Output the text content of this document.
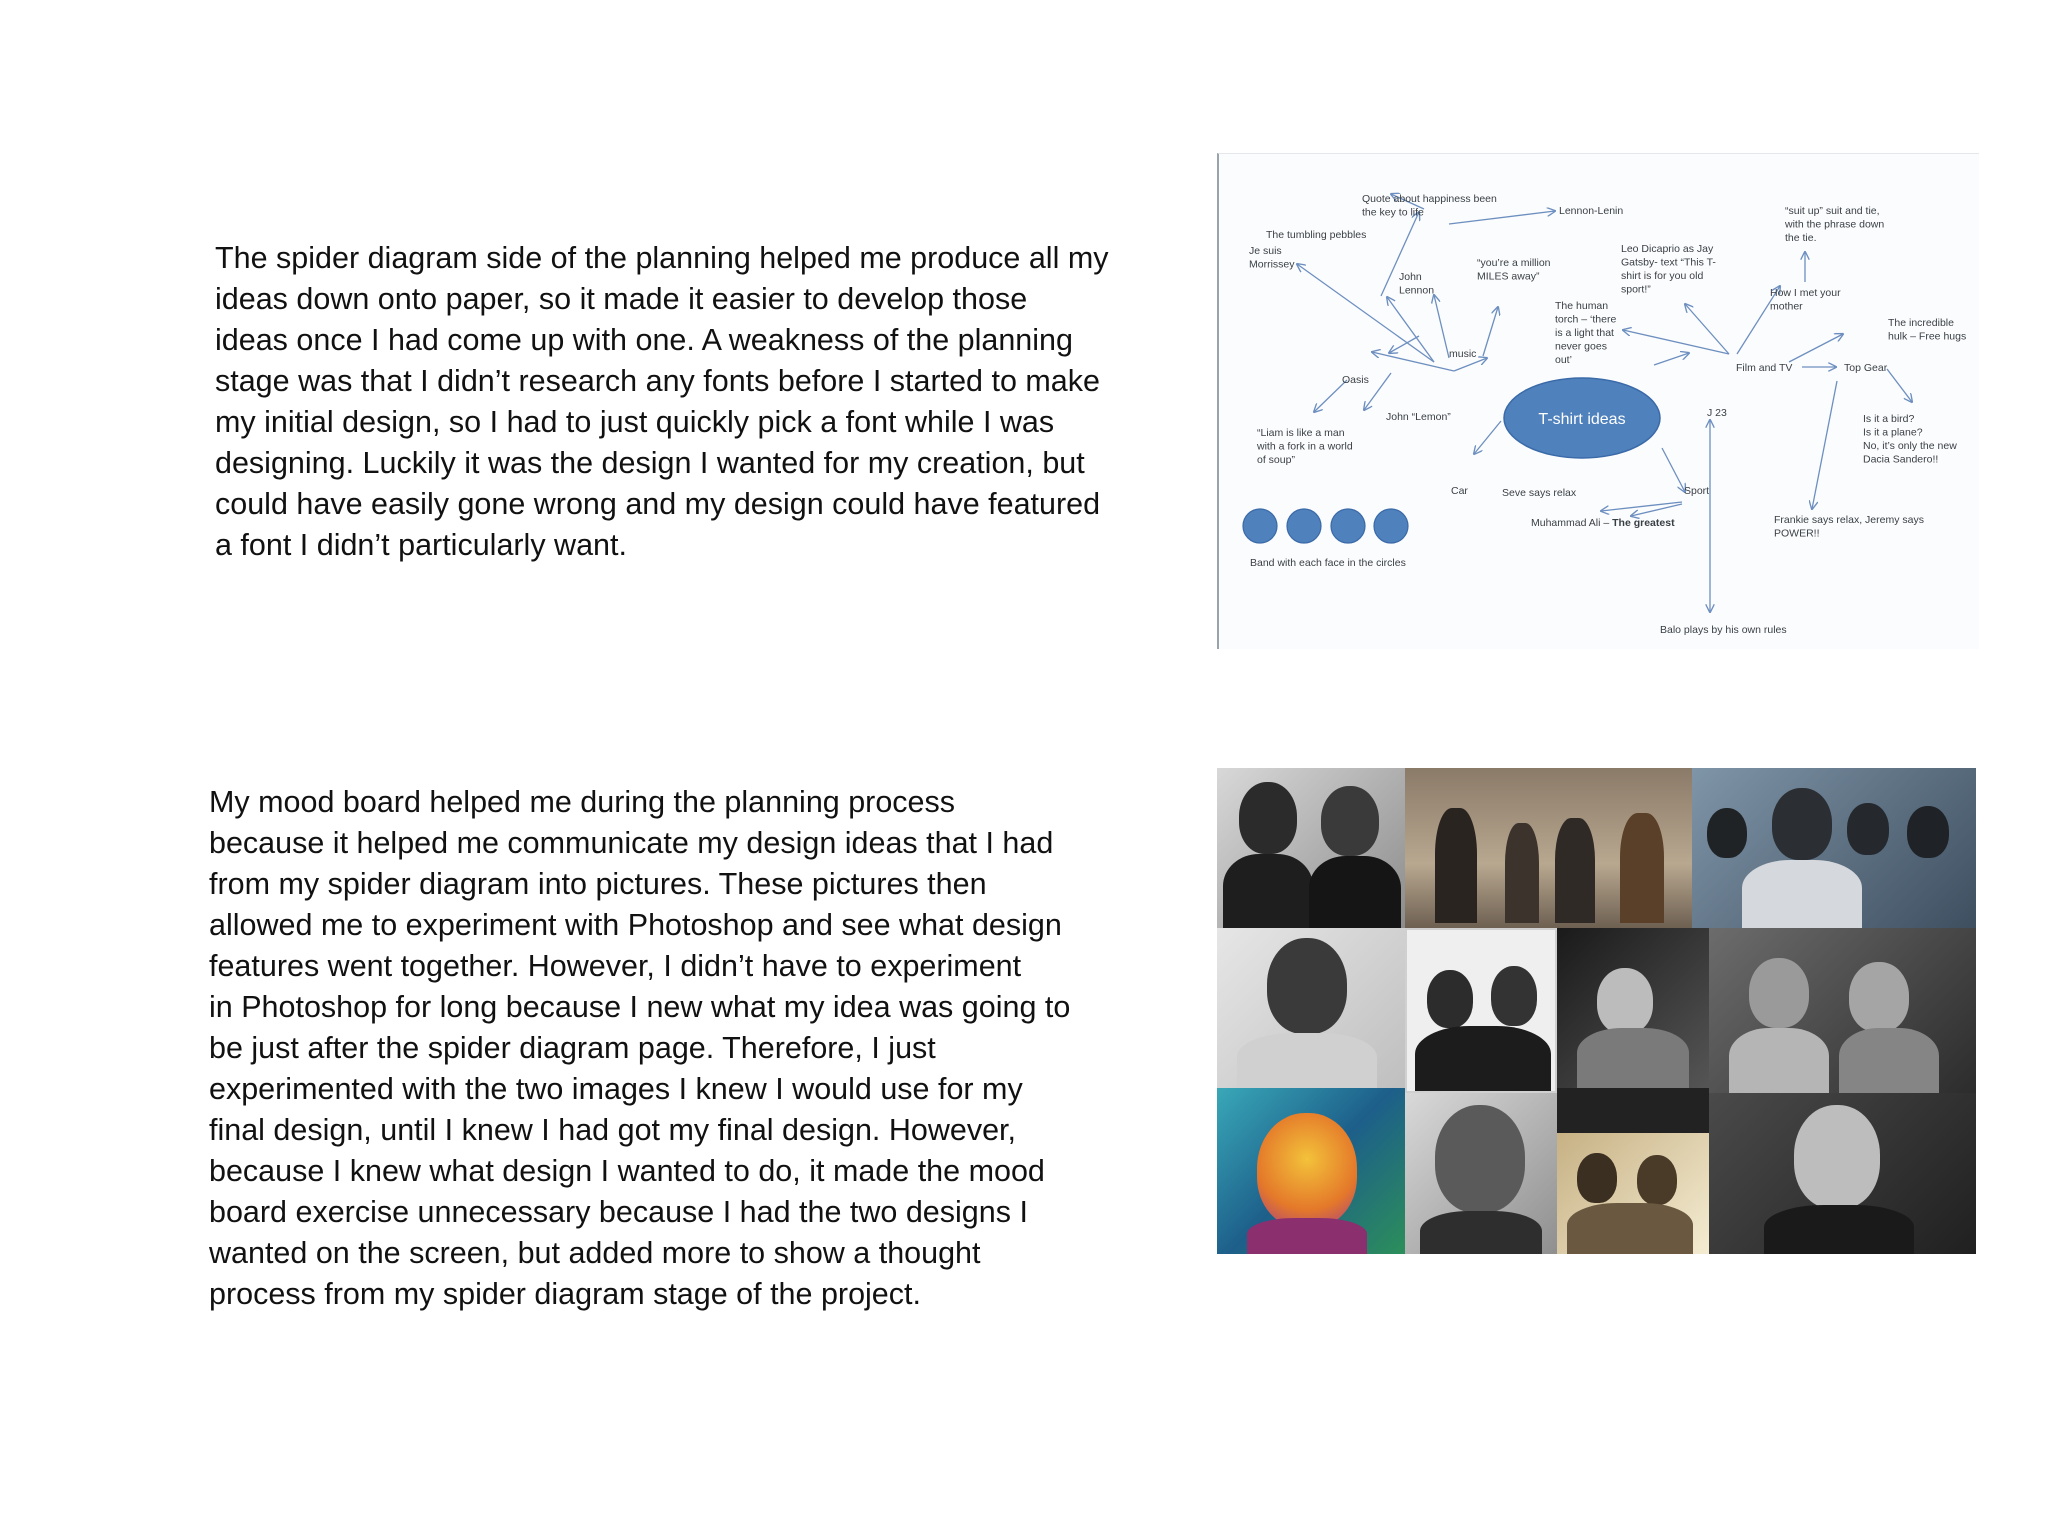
The spider diagram side of the planning helped me produce all my
ideas down onto paper, so it made it easier to develop those
ideas once I had come up with one. A weakness of the planning
stage was that I didn’t research any fonts before I started to make
my initial design, so I had to just quickly pick a font while I was
designing. Luckily it was the design I wanted for my creation, but
could have easily gone wrong and my design could have featured
a font I didn’t particularly want.
My mood board helped me during the planning process
because it helped me communicate my design ideas that I had
from my spider diagram into pictures. These pictures then
allowed me to experiment with Photoshop and see what design
features went together. However, I didn’t have to experiment
in Photoshop for long because I new what my idea was going to
be just after the spider diagram page. Therefore, I just
experimented with the two images I knew I would use for my
final design, until I knew I had got my final design. However,
because I knew what design I wanted to do, it made the mood
board exercise unnecessary because I had the two designs I
wanted on the screen, but added more to show a thought
process from my spider diagram stage of the project.
T-shirt ideas
Quote about happiness been the key to life	Lennon-Lenin	“suit up” suit and tie, with the phrase down the tie.
The tumbling pebbles
Je suis Morrissey
John Lennon
“you’re a million MILES away”
Leo Dicaprio as Jay Gatsby- text “This T-shirt is for you old sport!”	How I met your mother
The human torch – ‘there is a light that never goes out’
The incredible hulk – Free hugs
music
Film and TV	Top Gear
Oasis
John “Lemon”	J 23	Is it a bird? Is it a plane? No, it’s only the new Dacia Sandero!!
“Liam is like a man with a fork in a world of soup”
Car	Seve says relax	Sport
Frankie says relax, Jeremy says POWER!!
Band with each face in the circles
Balo plays by his own rules
Muhammad Ali – The greatest
